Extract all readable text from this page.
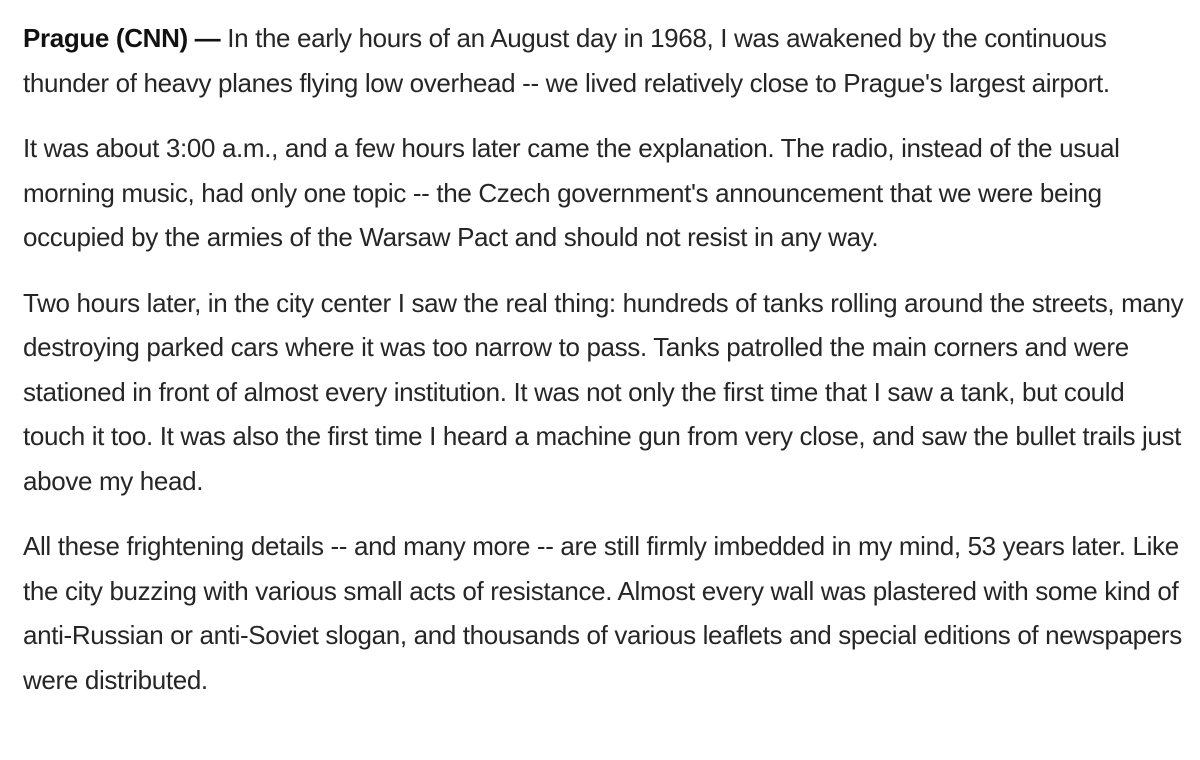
Prague (CNN) — In the early hours of an August day in 1968, I was awakened by the continuous thunder of heavy planes flying low overhead -- we lived relatively close to Prague's largest airport.

It was about 3:00 a.m., and a few hours later came the explanation. The radio, instead of the usual morning music, had only one topic -- the Czech government's announcement that we were being occupied by the armies of the Warsaw Pact and should not resist in any way.

Two hours later, in the city center I saw the real thing: hundreds of tanks rolling around the streets, many destroying parked cars where it was too narrow to pass. Tanks patrolled the main corners and were stationed in front of almost every institution. It was not only the first time that I saw a tank, but could touch it too. It was also the first time I heard a machine gun from very close, and saw the bullet trails just above my head.

All these frightening details -- and many more -- are still firmly imbedded in my mind, 53 years later. Like the city buzzing with various small acts of resistance. Almost every wall was plastered with some kind of anti-Russian or anti-Soviet slogan, and thousands of various leaflets and special editions of newspapers were distributed.
